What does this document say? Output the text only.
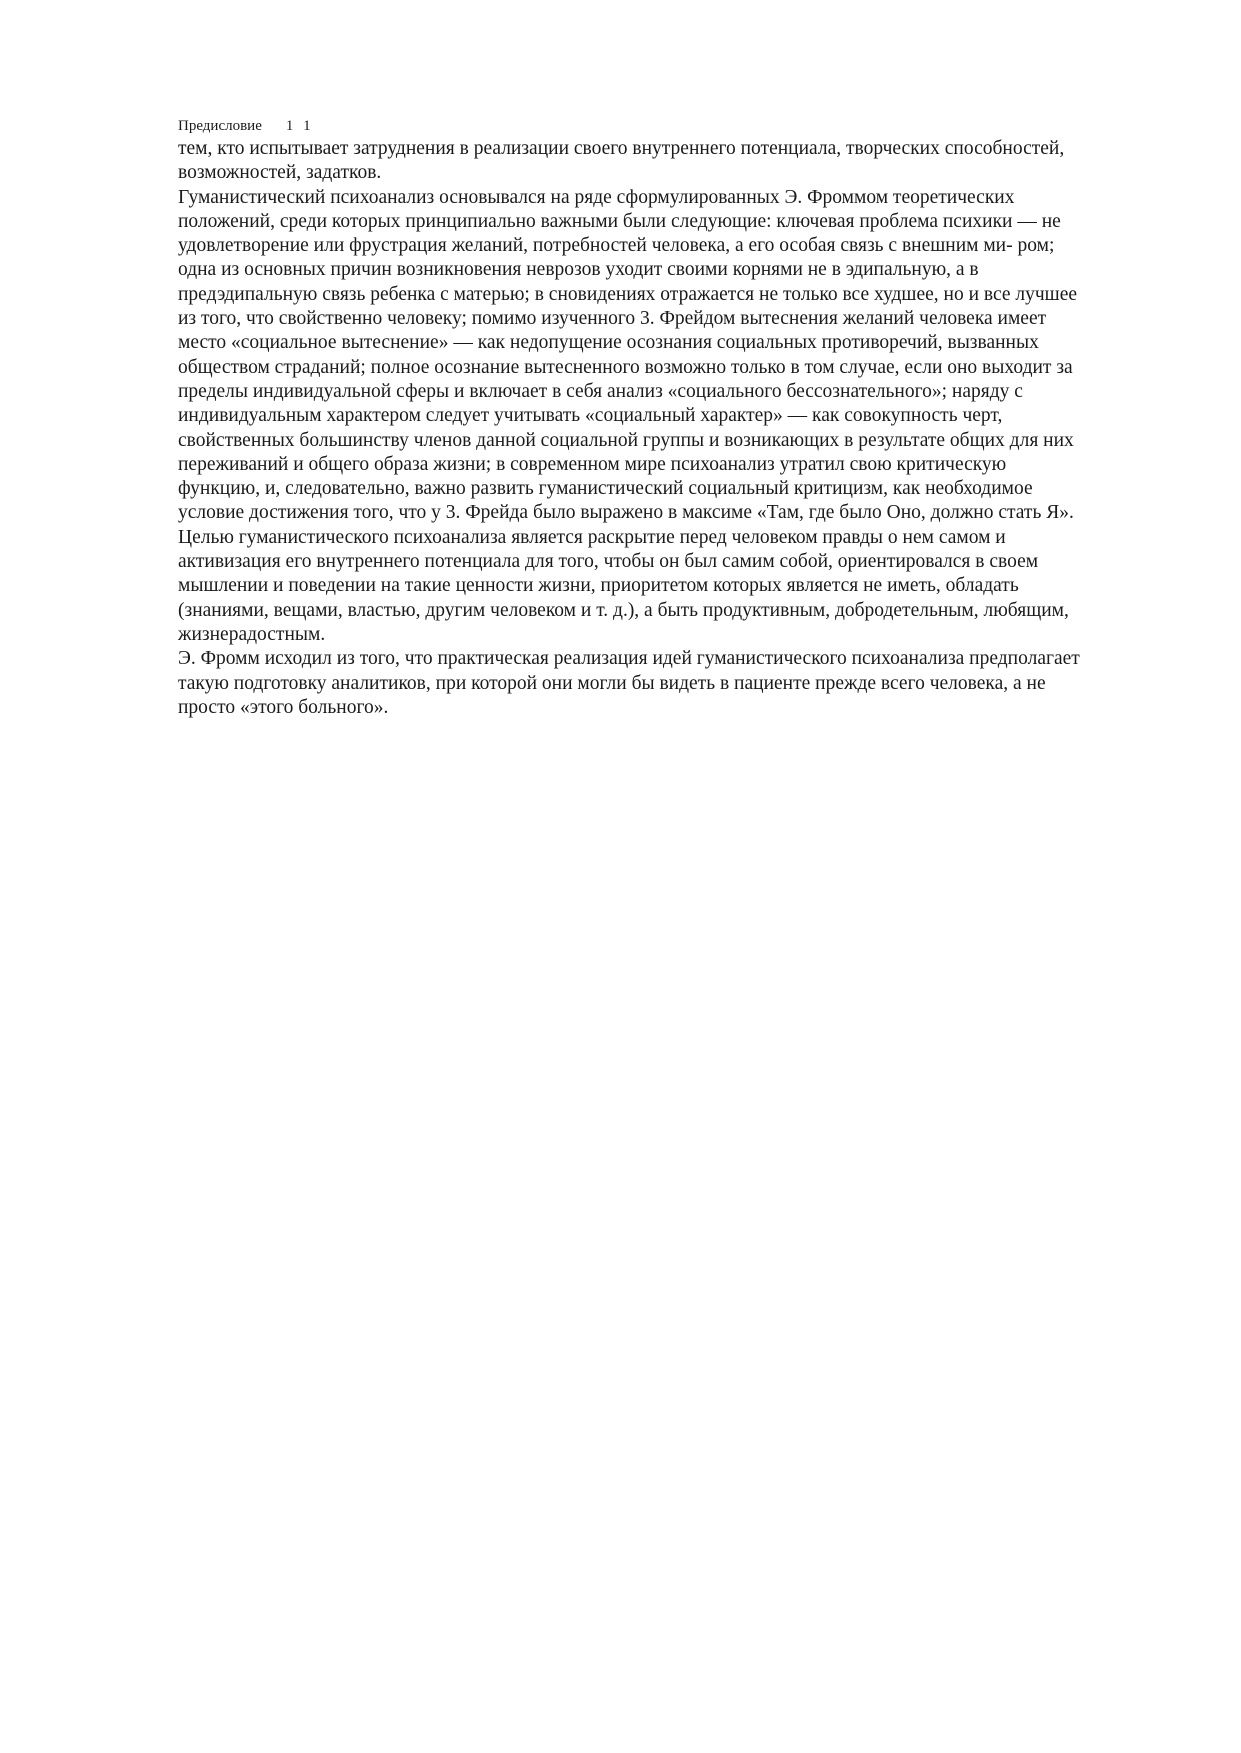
Предисловие 1 1

тем, кто испытывает затруднения в реализации своего внутреннего потенциала, творческих способностей,
возможностей, задатков.

Гуманистический психоанализ основывался на ряде сформулированных Э. Фроммом теоретических
положений, среди которых принципиально важными были следующие: ключевая проблема психики — не
удовлетворение или фрустрация желаний, потребностей человека, а его особая связь с внешним ми- ром;
одна из основных причин возникновения неврозов уходит своими корнями не в эдипальную, а в
предэдипальную связь ребенка с матерью; в сновидениях отражается не только все худшее, но и все лучшее
из того, что свойственно человеку; помимо изученного 3. Фрейдом вытеснения желаний человека имеет
место «социальное вытеснение» — как недопущение осознания социальных противоречий, вызванных
обществом страданий; полное осознание вытесненного возможно только в том случае, если оно выходит за
пределы индивидуальной сферы и включает в себя анализ «социального бессознательного»; наряду с
индивидуальным характером следует учитывать «социальный характер» — как совокупность черт,
свойственных большинству членов данной социальной группы и возникающих в результате общих для них
переживаний и общего образа жизни; в современном мире психоанализ утратил свою критическую
функцию, и, следовательно, важно развить гуманистический социальный критицизм, как необходимое
условие достижения того, что у 3. Фрейда было выражено в максиме «Там, где было Оно, должно стать Я».

Целью гуманистического психоанализа является раскрытие перед человеком правды о нем самом и
активизация его внутреннего потенциала для того, чтобы он был самим собой, ориентировался в своем
мышлении и поведении на такие ценности жизни, приоритетом которых является не иметь, обладать
(знаниями, вещами, властью, другим человеком и т. д.), а быть продуктивным, добродетельным, любящим,
жизнерадостным.

Э. Фромм исходил из того, что практическая реализация идей гуманистического психоанализа предполагает
такую подготовку аналитиков, при которой они могли бы видеть в пациенте прежде всего человека, а не
просто «этого больного».
